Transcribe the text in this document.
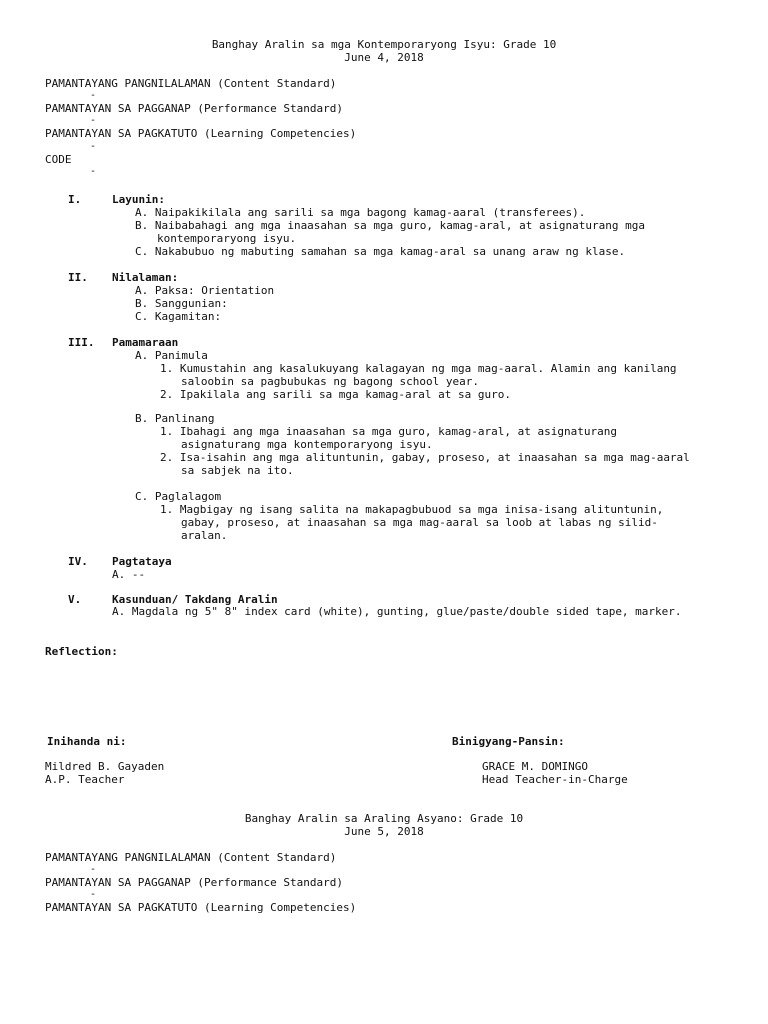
Banghay Aralin sa mga Kontemporaryong Isyu: Grade 10
June 4, 2018
PAMANTAYANG PANGNILALAMAN (Content Standard)
-
PAMANTAYAN SA PAGGANAP (Performance Standard)
-
PAMANTAYAN SA PAGKATUTO (Learning Competencies)
-
CODE
-
I.	Layunin:
A. Naipakikilala ang sarili sa mga bagong kamag-aaral (transferees).
B. Naibabahagi ang mga inaasahan sa mga guro, kamag-aral, at asignaturang mga
kontemporaryong isyu.
C. Nakabubuo ng mabuting samahan sa mga kamag-aral sa unang araw ng klase.
II. Nilalaman:
A. Paksa: Orientation
B. Sanggunian:
C. Kagamitan:
III. Pamamaraan
A. Panimula
1. Kumustahin ang kasalukuyang kalagayan ng mga mag-aaral. Alamin ang kanilang
saloobin sa pagbubukas ng bagong school year.
2. Ipakilala ang sarili sa mga kamag-aral at sa guro.
B. Panlinang
1. Ibahagi ang mga inaasahan sa mga guro, kamag-aral, at asignaturang
asignaturang mga kontemporaryong isyu.
2. Isa-isahin ang mga alituntunin, gabay, proseso, at inaasahan sa mga mag-aaral
sa sabjek na ito.
C. Paglalagom
1. Magbigay ng isang salita na makapagbubuod sa mga inisa-isang alituntunin,
gabay, proseso, at inaasahan sa mga mag-aaral sa loob at labas ng silid-
aralan.
IV. Pagtataya
A. --
V.	Kasunduan/ Takdang Aralin
A. Magdala ng 5" 8" index card (white), gunting, glue/paste/double sided tape, marker.
Reflection:
Inihanda ni:
Mildred B. Gayaden
A.P. Teacher
Binigyang-Pansin:
GRACE M. DOMINGO
Head Teacher-in-Charge
Banghay Aralin sa Araling Asyano: Grade 10
June 5, 2018
PAMANTAYANG PANGNILALAMAN (Content Standard)
-
PAMANTAYAN SA PAGGANAP (Performance Standard)
-
PAMANTAYAN SA PAGKATUTO (Learning Competencies)
